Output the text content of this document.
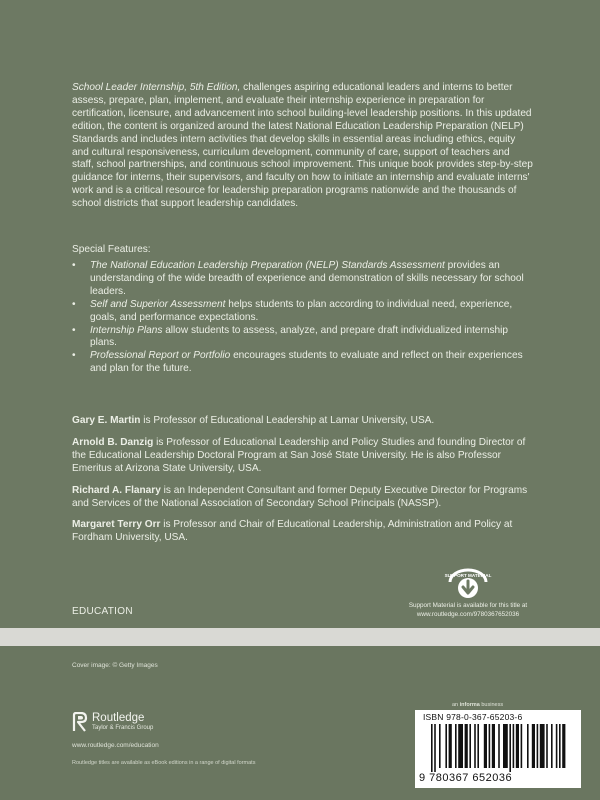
School Leader Internship, 5th Edition, challenges aspiring educational leaders and interns to better assess, prepare, plan, implement, and evaluate their internship experience in preparation for certification, licensure, and advancement into school building-level leadership positions. In this updated edition, the content is organized around the latest National Education Leadership Preparation (NELP) Standards and includes intern activities that develop skills in essential areas including ethics, equity and cultural responsiveness, curriculum development, community of care, support of teachers and staff, school partnerships, and continuous school improvement. This unique book provides step-by-step guidance for interns, their supervisors, and faculty on how to initiate an internship and evaluate interns' work and is a critical resource for leadership preparation programs nationwide and the thousands of school districts that support leadership candidates.

Special Features:
• The National Education Leadership Preparation (NELP) Standards Assessment provides an understanding of the wide breadth of experience and demonstration of skills necessary for school leaders.
• Self and Superior Assessment helps students to plan according to individual need, experience, goals, and performance expectations.
• Internship Plans allow students to assess, analyze, and prepare draft individualized internship plans.
• Professional Report or Portfolio encourages students to evaluate and reflect on their experiences and plan for the future.

Gary E. Martin is Professor of Educational Leadership at Lamar University, USA.

Arnold B. Danzig is Professor of Educational Leadership and Policy Studies and founding Director of the Educational Leadership Doctoral Program at San José State University. He is also Professor Emeritus at Arizona State University, USA.

Richard A. Flanary is an Independent Consultant and former Deputy Executive Director for Programs and Services of the National Association of Secondary School Principals (NASSP).

Margaret Terry Orr is Professor and Chair of Educational Leadership, Administration and Policy at Fordham University, USA.

EDUCATION
SUPPORT MATERIAL
Support Material is available for this title at
www.routledge.com/9780367652036
Cover image: © Getty Images
an informa business
Routledge
Taylor & Francis Group
www.routledge.com/education
Routledge titles are available as eBook editions in a range of digital formats
ISBN 978-0-367-65203-6
9 780367 652036
